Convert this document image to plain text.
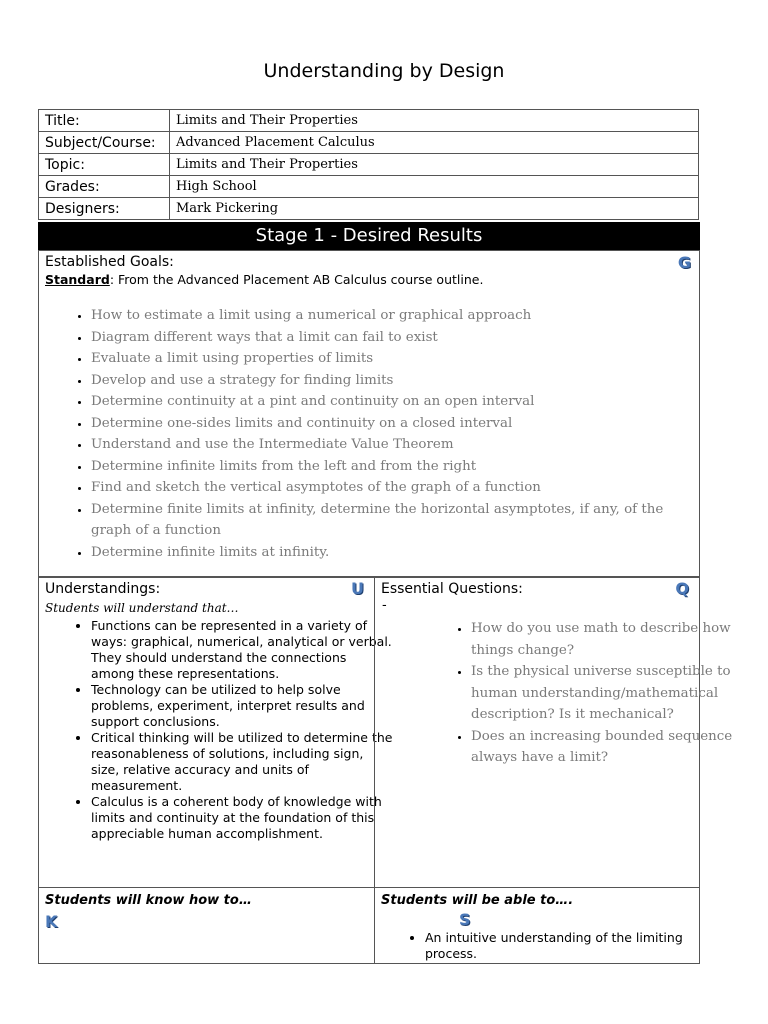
Understanding by Design
Title:	Limits and Their Properties
Subject/Course:	Advanced Placement Calculus
Topic:	Limits and Their Properties
Grades:	High School
Designers:	Mark Pickering
Stage 1 - Desired Results
Established Goals:	G
Standard: From the Advanced Placement AB Calculus course outline.
• How to estimate a limit using a numerical or graphical approach
• Diagram different ways that a limit can fail to exist
• Evaluate a limit using properties of limits
• Develop and use a strategy for finding limits
• Determine continuity at a pint and continuity on an open interval
• Determine one-sides limits and continuity on a closed interval
• Understand and use the Intermediate Value Theorem
• Determine infinite limits from the left and from the right
• Find and sketch the vertical asymptotes of the graph of a function
• Determine finite limits at infinity, determine the horizontal asymptotes, if any, of the graph of a function
• Determine infinite limits at infinity.
Understandings:	U
Students will understand that…
• Functions can be represented in a variety of ways: graphical, numerical, analytical or verbal. They should understand the connections among these representations.
• Technology can be utilized to help solve problems, experiment, interpret results and support conclusions.
• Critical thinking will be utilized to determine the reasonableness of solutions, including sign, size, relative accuracy and units of measurement.
• Calculus is a coherent body of knowledge with limits and continuity at the foundation of this appreciable human accomplishment.
Essential Questions:	Q
-
• How do you use math to describe how things change?
• Is the physical universe susceptible to human understanding/mathematical description? Is it mechanical?
• Does an increasing bounded sequence always have a limit?
Students will know how to…
K
Students will be able to….
S
• An intuitive understanding of the limiting process.
